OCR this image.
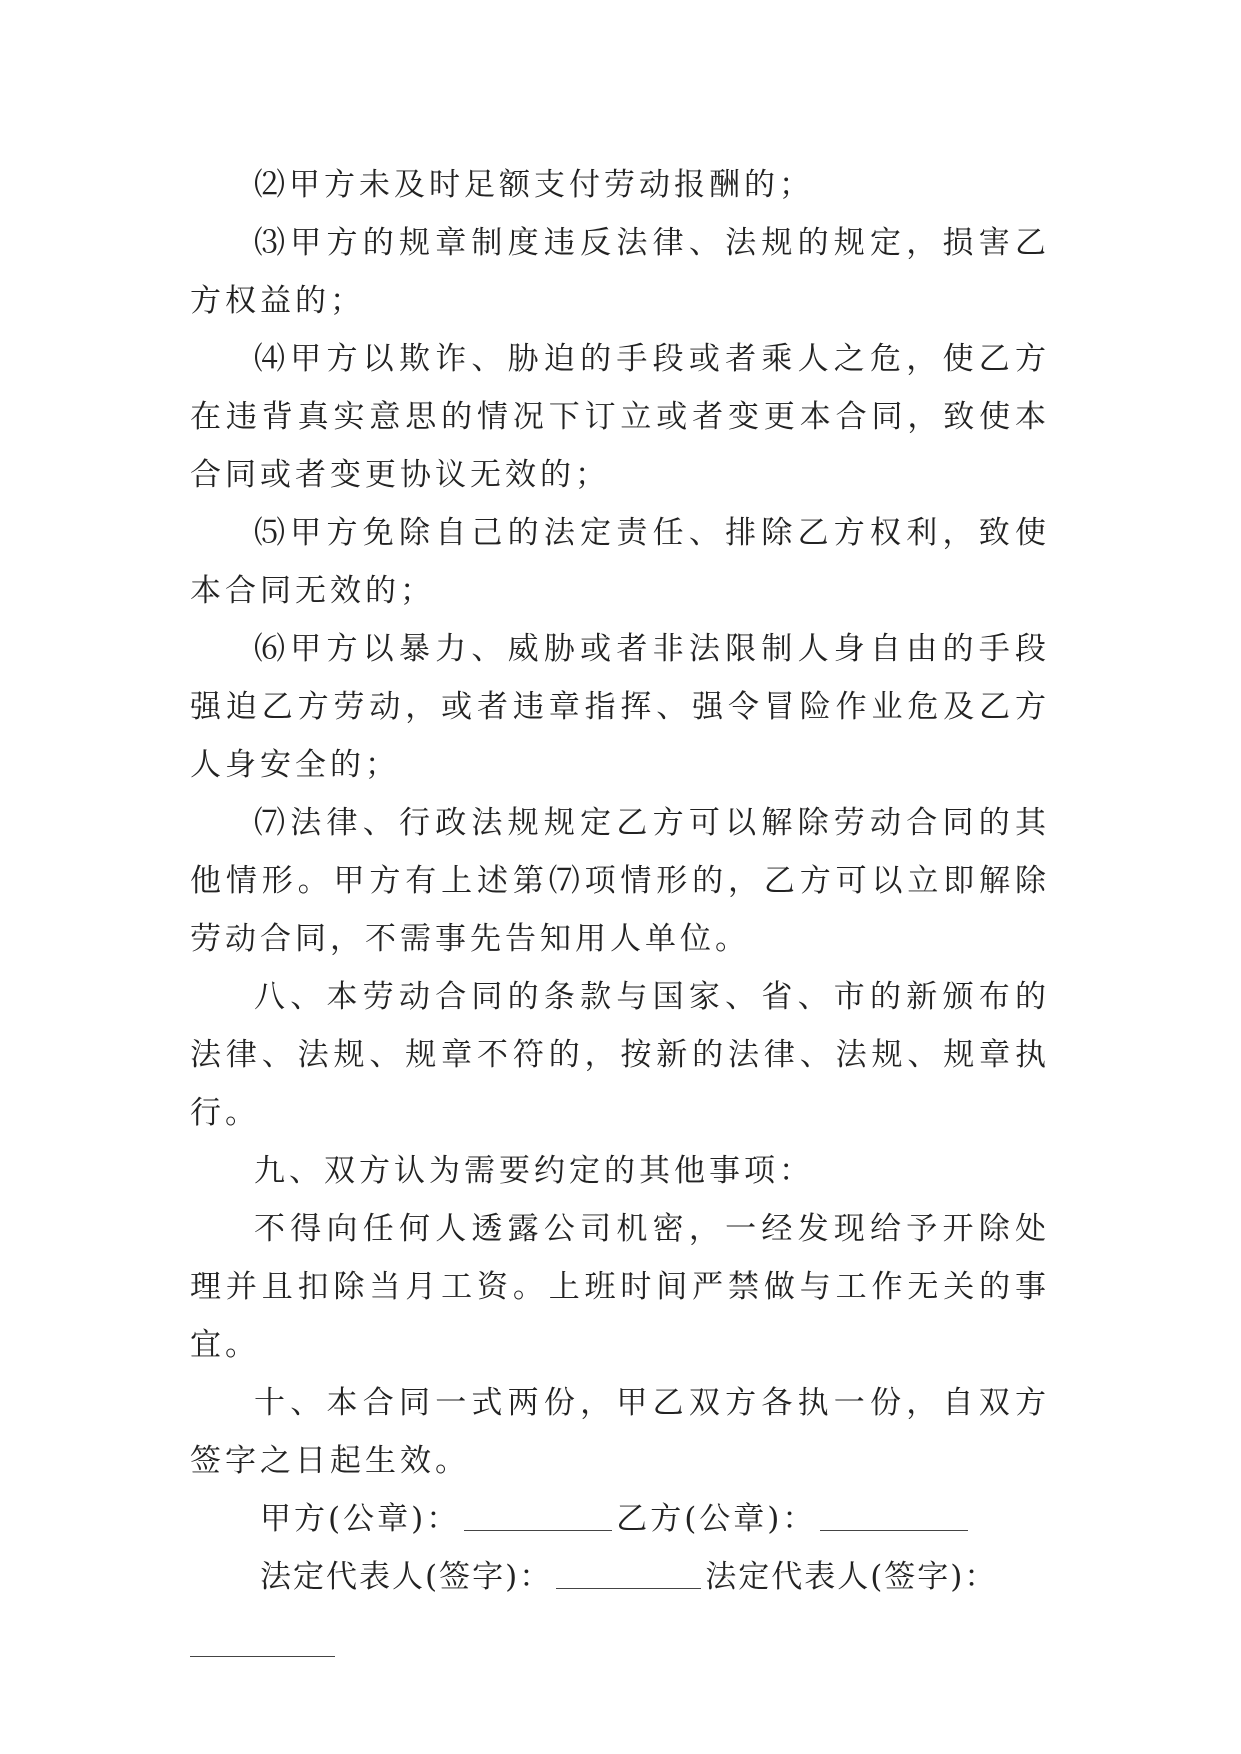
⑵甲方未及时足额支付劳动报酬的；

⑶甲方的规章制度违反法律、法规的规定，损害乙方权益的；

⑷甲方以欺诈、胁迫的手段或者乘人之危，使乙方在违背真实意思的情况下订立或者变更本合同，致使本合同或者变更协议无效的；

⑸甲方免除自己的法定责任、排除乙方权利，致使本合同无效的；

⑹甲方以暴力、威胁或者非法限制人身自由的手段强迫乙方劳动，或者违章指挥、强令冒险作业危及乙方人身安全的；

⑺法律、行政法规规定乙方可以解除劳动合同的其他情形。甲方有上述第⑺项情形的，乙方可以立即解除劳动合同，不需事先告知用人单位。

八、本劳动合同的条款与国家、省、市的新颁布的法律、法规、规章不符的，按新的法律、法规、规章执行。

九、双方认为需要约定的其他事项：

不得向任何人透露公司机密，一经发现给予开除处理并且扣除当月工资。上班时间严禁做与工作无关的事宜。

十、本合同一式两份，甲乙双方各执一份，自双方签字之日起生效。

甲方(公章)：	乙方(公章)：

法定代表人(签字)：	法定代表人(签字)：
